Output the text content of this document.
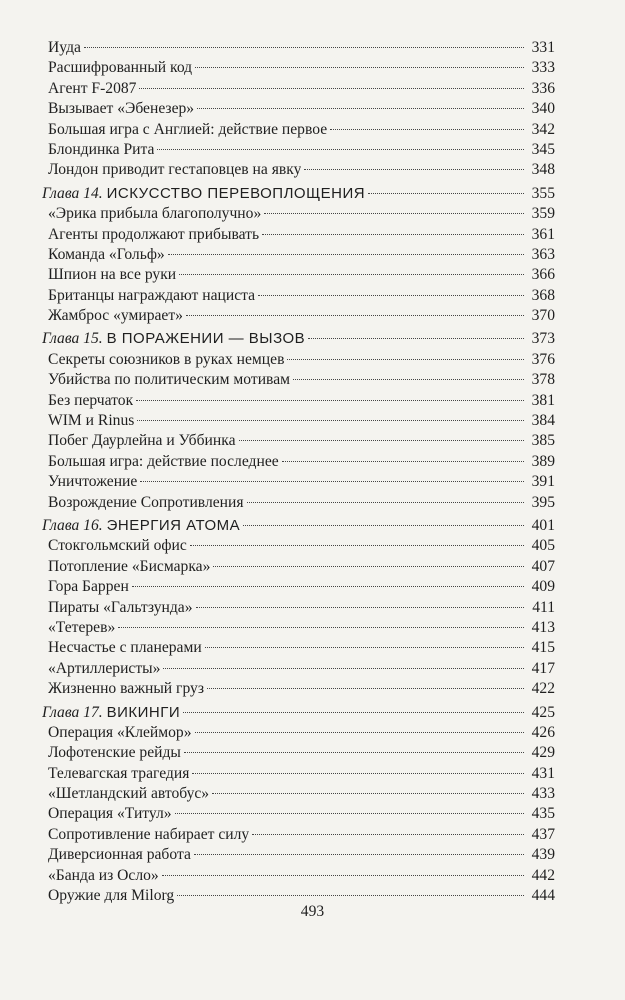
Иуда	331
Расшифрованный код	333
Агент F-2087	336
Вызывает «Эбенезер»	340
Большая игра с Англией: действие первое	342
Блондинка Рита	345
Лондон приводит гестаповцев на явку	348
Глава 14. ИСКУССТВО ПЕРЕВОПЛОЩЕНИЯ	355
«Эрика прибыла благополучно»	359
Агенты продолжают прибывать	361
Команда «Гольф»	363
Шпион на все руки	366
Британцы награждают нациста	368
Жамброс «умирает»	370
Глава 15. В ПОРАЖЕНИИ — ВЫЗОВ	373
Секреты союзников в руках немцев	376
Убийства по политическим мотивам	378
Без перчаток	381
WIM и Rinus	384
Побег Даурлейна и Уббинка	385
Большая игра: действие последнее	389
Уничтожение	391
Возрождение Сопротивления	395
Глава 16. ЭНЕРГИЯ АТОМА	401
Стокгольмский офис	405
Потопление «Бисмарка»	407
Гора Баррен	409
Пираты «Гальтзунда»	411
«Тетерев»	413
Несчастье с планерами	415
«Артиллеристы»	417
Жизненно важный груз	422
Глава 17. ВИКИНГИ	425
Операция «Клеймор»	426
Лофотенские рейды	429
Телевагская трагедия	431
«Шетландский автобус»	433
Операция «Титул»	435
Сопротивление набирает силу	437
Диверсионная работа	439
«Банда из Осло»	442
Оружие для Milorg	444
493
